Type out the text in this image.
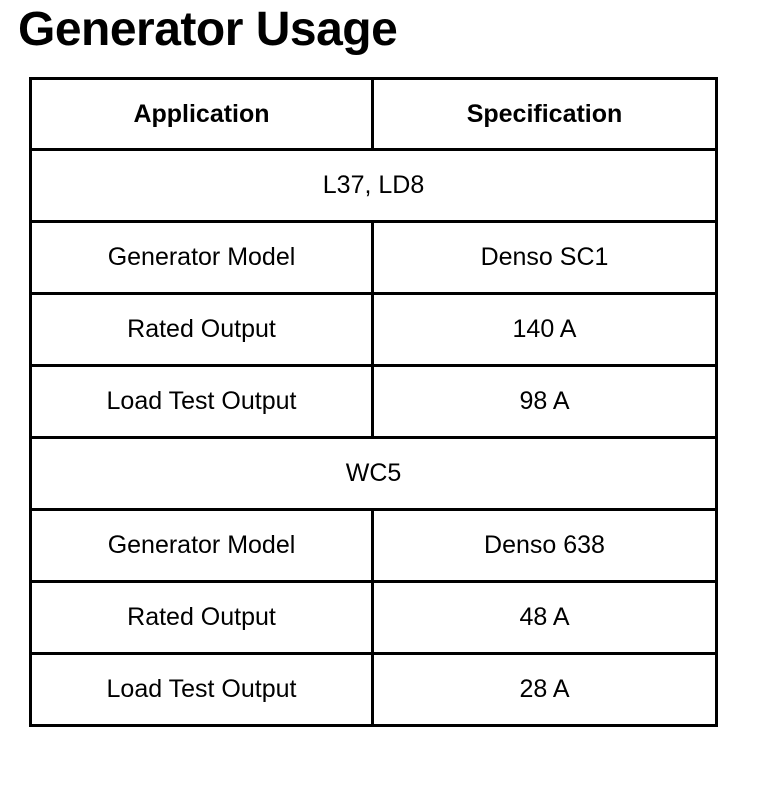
Generator Usage
Application	Specification
L37, LD8	
Generator Model	Denso SC1
Rated Output	140 A
Load Test Output	98 A
WC5	
Generator Model	Denso 638
Rated Output	48 A
Load Test Output	28 A
